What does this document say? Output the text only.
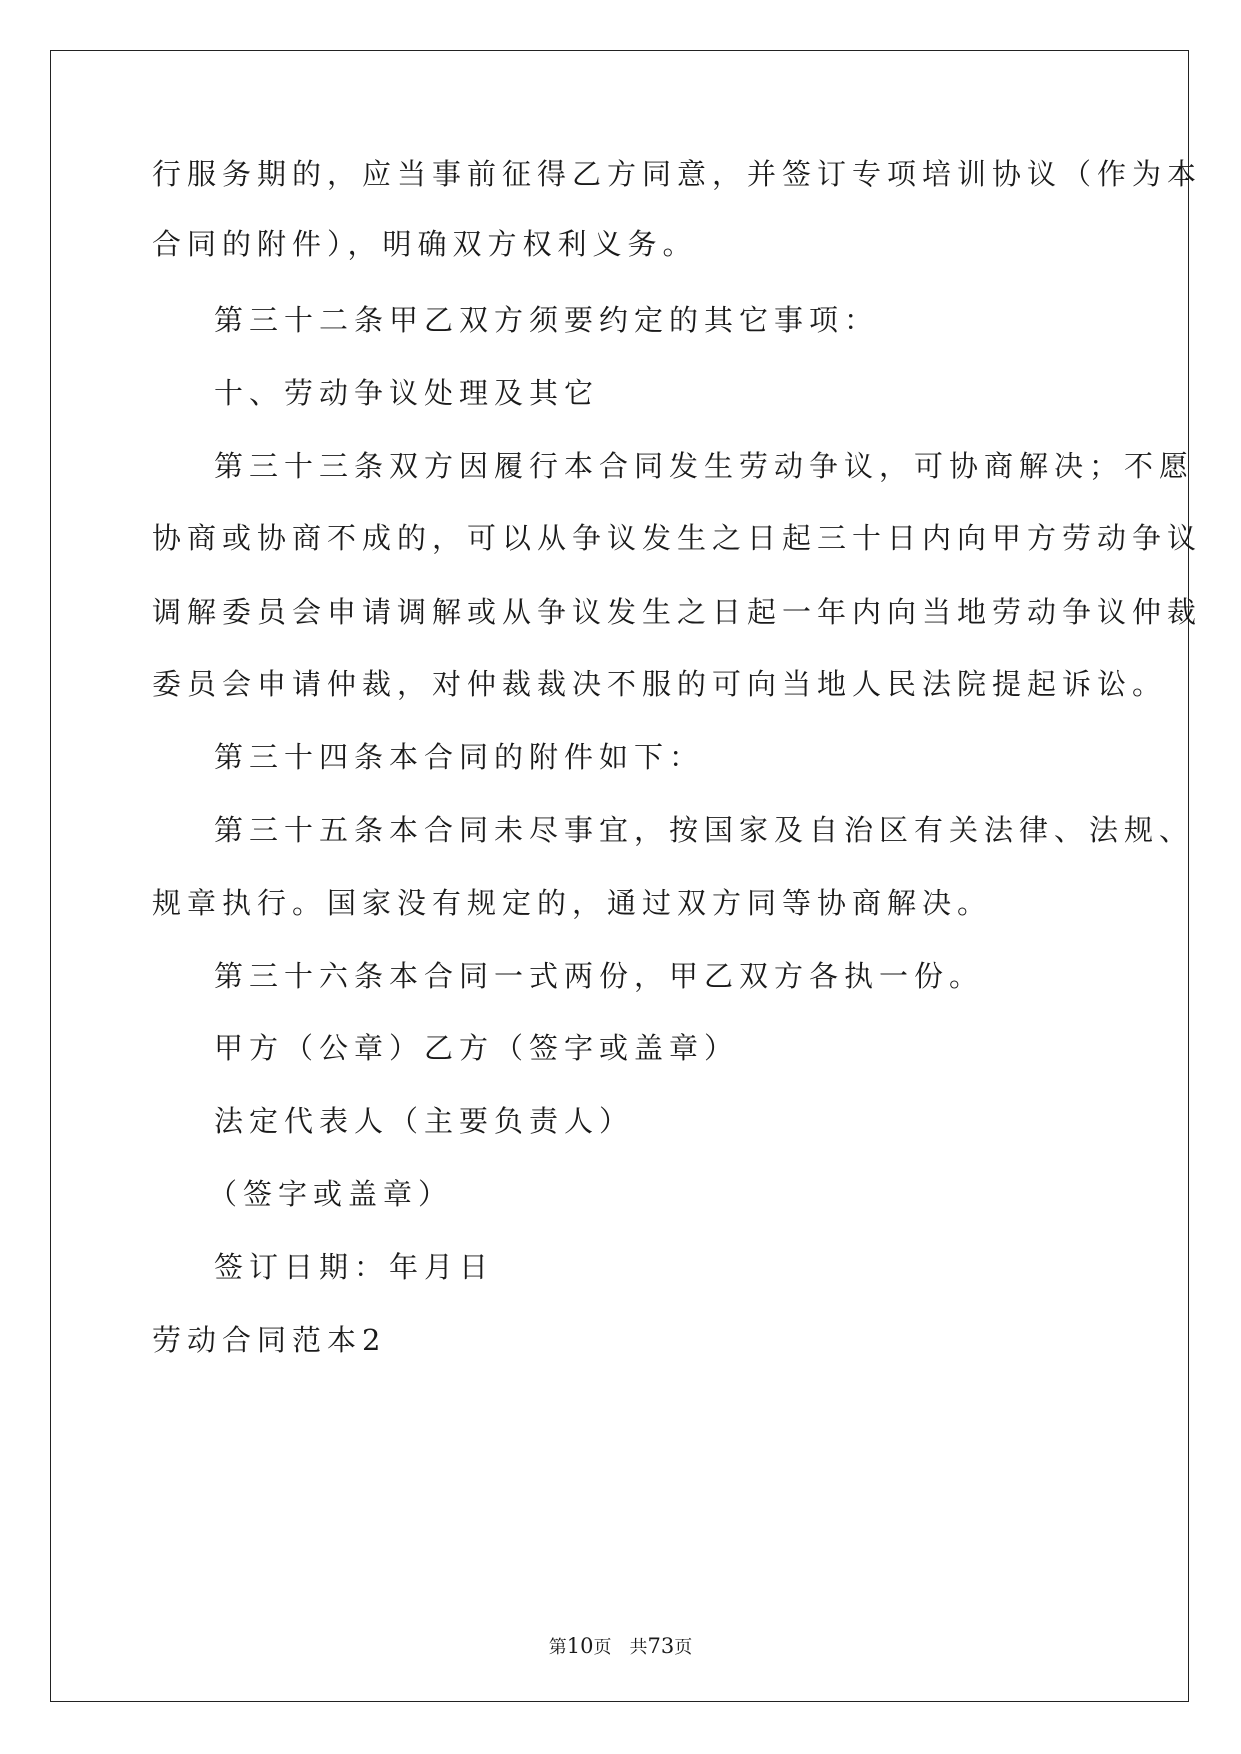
行服务期的，应当事前征得乙方同意，并签订专项培训协议（作为本
合同的附件），明确双方权利义务。
第三十二条甲乙双方须要约定的其它事项：
十、劳动争议处理及其它
第三十三条双方因履行本合同发生劳动争议，可协商解决；不愿
协商或协商不成的，可以从争议发生之日起三十日内向甲方劳动争议
调解委员会申请调解或从争议发生之日起一年内向当地劳动争议仲裁
委员会申请仲裁，对仲裁裁决不服的可向当地人民法院提起诉讼。
第三十四条本合同的附件如下：
第三十五条本合同未尽事宜，按国家及自治区有关法律、法规、
规章执行。国家没有规定的，通过双方同等协商解决。
第三十六条本合同一式两份，甲乙双方各执一份。
甲方（公章）乙方（签字或盖章）
法定代表人（主要负责人）
（签字或盖章）
签订日期：年月日
劳动合同范本2
第10页　共73页
